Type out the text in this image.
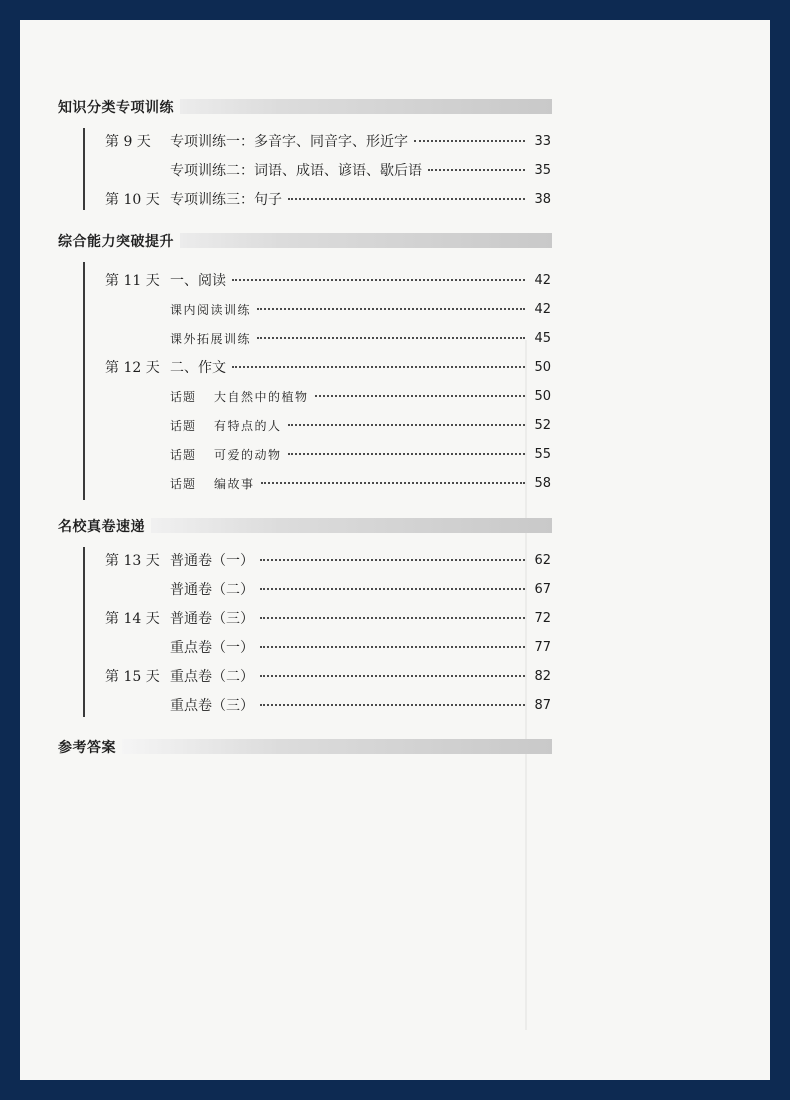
知识分类专项训练
第 9 天	专项训练一：多音字、同音字、形近字	33
专项训练二：词语、成语、谚语、歇后语	35
第 10 天 专项训练三：句子	38
综合能力突破提升
第 11 天 一、阅读	42
课内阅读训练	42
课外拓展训练	45
第 12 天 二、作文	50
话题	大自然中的植物	50
话题	有特点的人	52
话题	可爱的动物	55
话题	编故事	58
名校真卷速递
第 13 天 普通卷（一）	62
普通卷（二）	67
第 14 天 普通卷（三）	72
重点卷（一）	77
第 15 天 重点卷（二）	82
重点卷（三）	87
参考答案
